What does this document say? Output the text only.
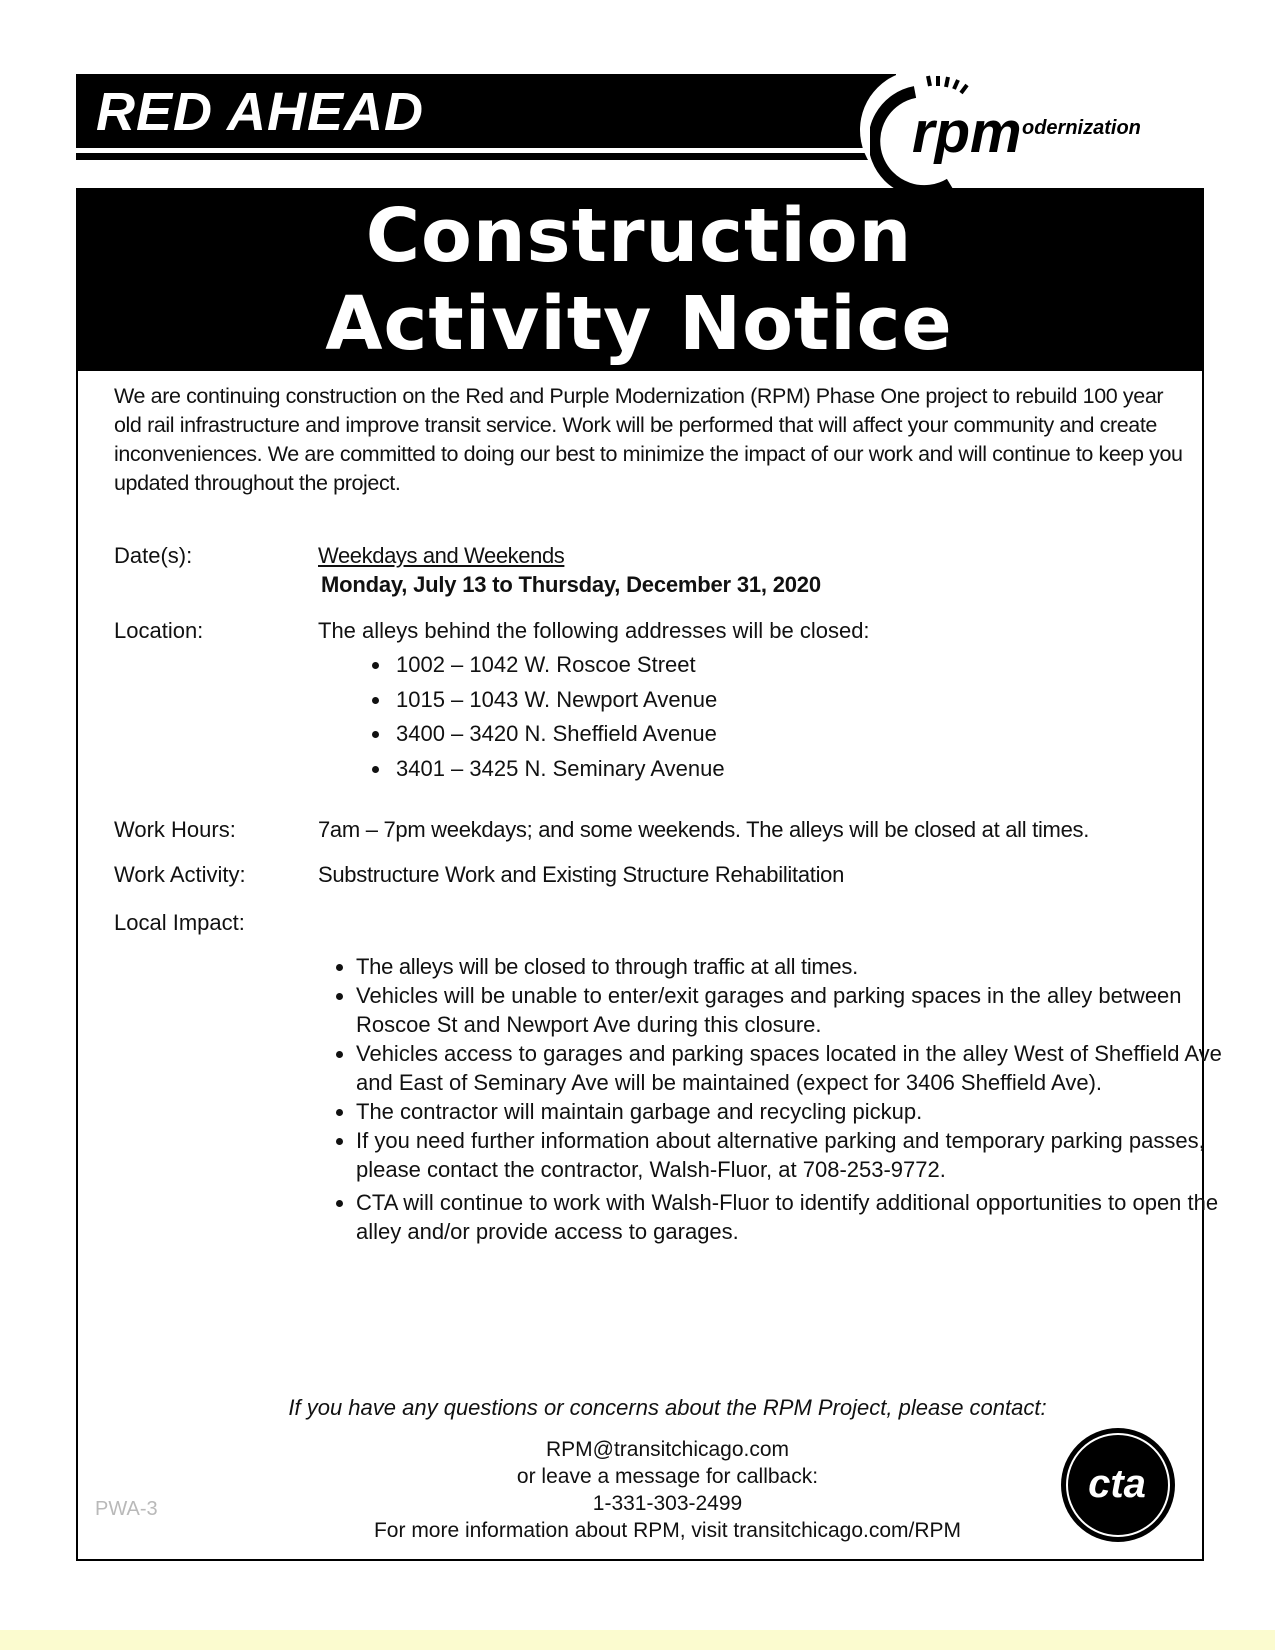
RED AHEAD	rpm odernization
Construction
Activity Notice
We are continuing construction on the Red and Purple Modernization (RPM) Phase One project to rebuild 100 year old rail infrastructure and improve transit service. Work will be performed that will affect your community and create inconveniences. We are committed to doing our best to minimize the impact of our work and will continue to keep you updated throughout the project.
Date(s):	Weekdays and Weekends
Monday, July 13 to Thursday, December 31, 2020
Location:	The alleys behind the following addresses will be closed:
• 1002 – 1042 W. Roscoe Street
• 1015 – 1043 W. Newport Avenue
• 3400 – 3420 N. Sheffield Avenue
• 3401 – 3425 N. Seminary Avenue
Work Hours:	7am – 7pm weekdays; and some weekends. The alleys will be closed at all times.
Work Activity:	Substructure Work and Existing Structure Rehabilitation
Local Impact:
• The alleys will be closed to through traffic at all times.
• Vehicles will be unable to enter/exit garages and parking spaces in the alley between Roscoe St and Newport Ave during this closure.
• Vehicles access to garages and parking spaces located in the alley West of Sheffield Ave and East of Seminary Ave will be maintained (expect for 3406 Sheffield Ave).
• The contractor will maintain garbage and recycling pickup.
• If you need further information about alternative parking and temporary parking passes, please contact the contractor, Walsh-Fluor, at 708-253-9772.
• CTA will continue to work with Walsh-Fluor to identify additional opportunities to open the alley and/or provide access to garages.
If you have any questions or concerns about the RPM Project, please contact:
RPM@transitchicago.com
or leave a message for callback:
1-331-303-2499
For more information about RPM, visit transitchicago.com/RPM
PWA-3
cta
